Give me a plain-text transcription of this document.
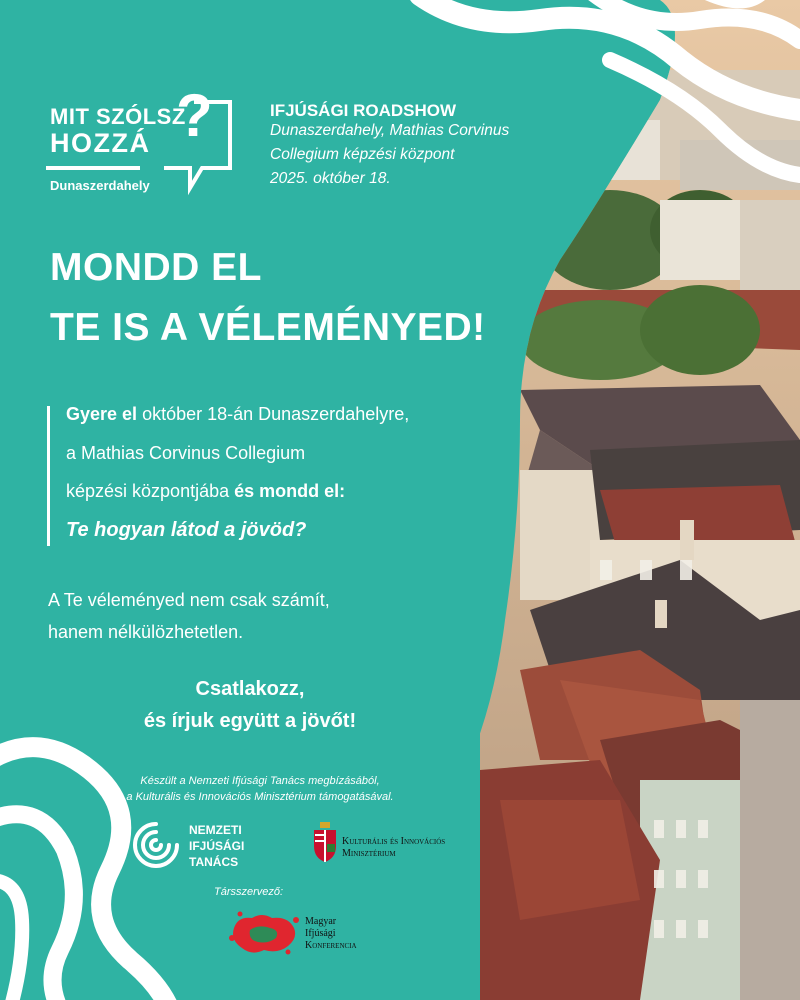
MIT SZÓLSZ
HOZZÁ ?
Dunaszerdahely
IFJÚSÁGI ROADSHOW
Dunaszerdahely, Mathias Corvinus
Collegium képzési központ
2025. október 18.
MONDD EL
TE IS A VÉLEMÉNYED!
Gyere el október 18-án Dunaszerdahelyre,
a Mathias Corvinus Collegium
képzési központjába és mondd el:
Te hogyan látod a jövöd?
A Te véleményed nem csak számít,
hanem nélkülözhetetlen.
Csatlakozz,
és írjuk együtt a jövőt!
Készült a Nemzeti Ifjúsági Tanács megbízásából,
a Kulturális és Innovációs Minisztérium támogatásával.
NEMZETI
IFJÚSÁGI
TANÁCS
Kulturális és Innovációs
Minisztérium
Társszervező:
Magyar
Ifjúsági
Konferencia
